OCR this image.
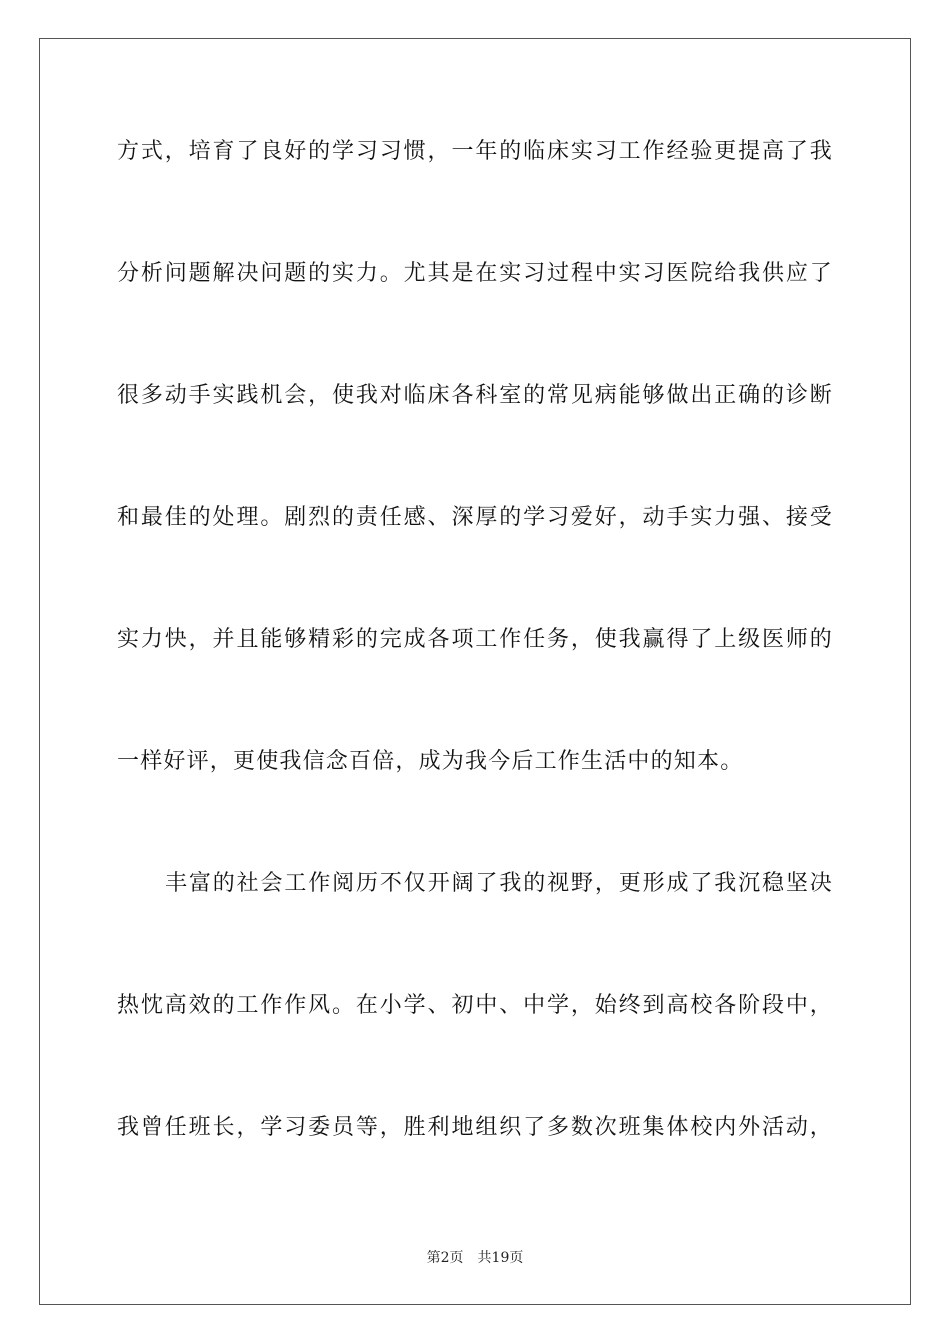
方式，培育了良好的学习习惯，一年的临床实习工作经验更提高了我
分析问题解决问题的实力。尤其是在实习过程中实习医院给我供应了
很多动手实践机会，使我对临床各科室的常见病能够做出正确的诊断
和最佳的处理。剧烈的责任感、深厚的学习爱好，动手实力强、接受
实力快，并且能够精彩的完成各项工作任务，使我赢得了上级医师的
一样好评，更使我信念百倍，成为我今后工作生活中的知本。
丰富的社会工作阅历不仅开阔了我的视野，更形成了我沉稳坚决
热忱高效的工作作风。在小学、初中、中学，始终到高校各阶段中，
我曾任班长，学习委员等，胜利地组织了多数次班集体校内外活动，
第2页 共19页
